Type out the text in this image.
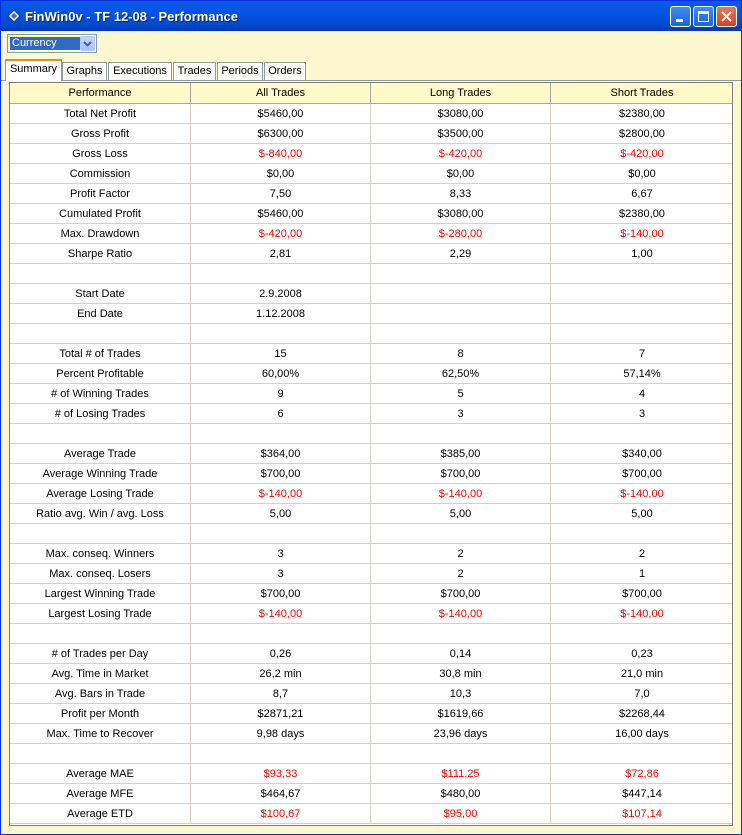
FinWin0v - TF 12-08 - Performance
Currency
Summary Graphs Executions Trades Periods Orders
Performance	All Trades	Long Trades	Short Trades
Total Net Profit	$5460,00	$3080,00	$2380,00
Gross Profit	$6300,00	$3500,00	$2800,00
Gross Loss	$-840,00	$-420,00	$-420,00
Commission	$0,00	$0,00	$0,00
Profit Factor	7,50	8,33	6,67
Cumulated Profit	$5460,00	$3080,00	$2380,00
Max. Drawdown	$-420,00	$-280,00	$-140,00
Sharpe Ratio	2,81	2,29	1,00

Start Date	2.9.2008		
End Date	1.12.2008		

Total # of Trades	15	8	7
Percent Profitable	60,00%	62,50%	57,14%
# of Winning Trades	9	5	4
# of Losing Trades	6	3	3

Average Trade	$364,00	$385,00	$340,00
Average Winning Trade	$700,00	$700,00	$700,00
Average Losing Trade	$-140,00	$-140,00	$-140,00
Ratio avg. Win / avg. Loss	5,00	5,00	5,00

Max. conseq. Winners	3	2	2
Max. conseq. Losers	3	2	1
Largest Winning Trade	$700,00	$700,00	$700,00
Largest Losing Trade	$-140,00	$-140,00	$-140,00

# of Trades per Day	0,26	0,14	0,23
Avg. Time in Market	26,2 min	30,8 min	21,0 min
Avg. Bars in Trade	8,7	10,3	7,0
Profit per Month	$2871,21	$1619,66	$2268,44
Max. Time to Recover	9,98 days	23,96 days	16,00 days

Average MAE	$93,33	$111,25	$72,86
Average MFE	$464,67	$480,00	$447,14
Average ETD	$100,67	$95,00	$107,14
